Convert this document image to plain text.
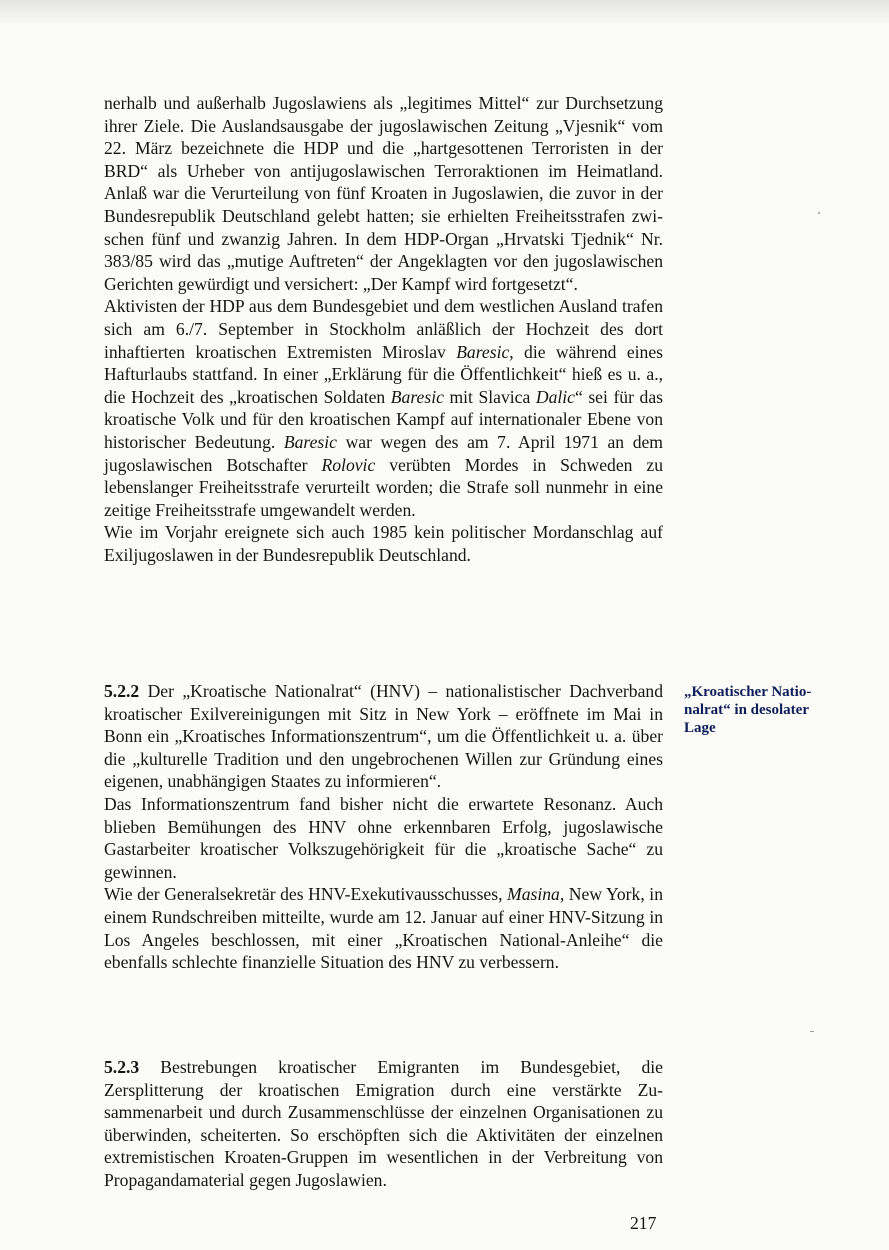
nerhalb und außerhalb Jugoslawiens als „legitimes Mittel“ zur Durchsetzung ihrer Ziele. Die Auslandsausgabe der jugoslawischen Zeitung „Vjesnik“ vom 22. März bezeichnete die HDP und die „hartgesottenen Terroristen in der BRD“ als Urheber von antijugoslawischen Terroraktionen im Heimatland. Anlaß war die Verurteilung von fünf Kroaten in Jugoslawien, die zuvor in der Bundesrepublik Deutschland gelebt hatten; sie erhielten Freiheitsstrafen zwischen fünf und zwanzig Jahren. In dem HDP-Organ „Hrvatski Tjednik“ Nr. 383/85 wird das „mutige Auftreten“ der Angeklagten vor den jugoslawischen Gerichten gewürdigt und versichert: „Der Kampf wird fortgesetzt“.

Aktivisten der HDP aus dem Bundesgebiet und dem westlichen Ausland trafen sich am 6./7. September in Stockholm anläßlich der Hochzeit des dort inhaftierten kroatischen Extremisten Miroslav Baresic, die während eines Hafturlaubs stattfand. In einer „Erklärung für die Öffentlichkeit“ hieß es u. a., die Hochzeit des „kroatischen Soldaten Baresic mit Slavica Dalic“ sei für das kroatische Volk und für den kroatischen Kampf auf internationaler Ebene von historischer Bedeutung. Baresic war wegen des am 7. April 1971 an dem jugoslawischen Botschafter Rolovic verübten Mordes in Schweden zu lebenslanger Freiheitsstrafe verurteilt worden; die Strafe soll nunmehr in eine zeitige Freiheitsstrafe umgewandelt werden.

Wie im Vorjahr ereignete sich auch 1985 kein politischer Mordanschlag auf Exiljugoslawen in der Bundesrepublik Deutschland.

5.2.2 Der „Kroatische Nationalrat“ (HNV) – nationalistischer Dachverband kroatischer Exilvereinigungen mit Sitz in New York – eröffnete im Mai in Bonn ein „Kroatisches Informationszentrum“, um die Öffentlichkeit u. a. über die „kulturelle Tradition und den ungebrochenen Willen zur Gründung eines eigenen, unabhängigen Staates zu informieren“.

Das Informationszentrum fand bisher nicht die erwartete Resonanz. Auch blieben Bemühungen des HNV ohne erkennbaren Erfolg, jugoslawische Gastarbeiter kroatischer Volkszugehörigkeit für die „kroatische Sache“ zu gewinnen.

Wie der Generalsekretär des HNV-Exekutivausschusses, Masina, New York, in einem Rundschreiben mitteilte, wurde am 12. Januar auf einer HNV-Sitzung in Los Angeles beschlossen, mit einer „Kroatischen National-Anleihe“ die ebenfalls schlechte finanzielle Situation des HNV zu verbessern.

„Kroatischer Natio-
nalrat“ in desolater
Lage

5.2.3 Bestrebungen kroatischer Emigranten im Bundesgebiet, die Zersplitterung der kroatischen Emigration durch eine verstärkte Zusammenarbeit und durch Zusammenschlüsse der einzelnen Organisationen zu überwinden, scheiterten. So erschöpften sich die Aktivitäten der einzelnen extremistischen Kroaten-Gruppen im wesentlichen in der Verbreitung von Propagandamaterial gegen Jugoslawien.

217
